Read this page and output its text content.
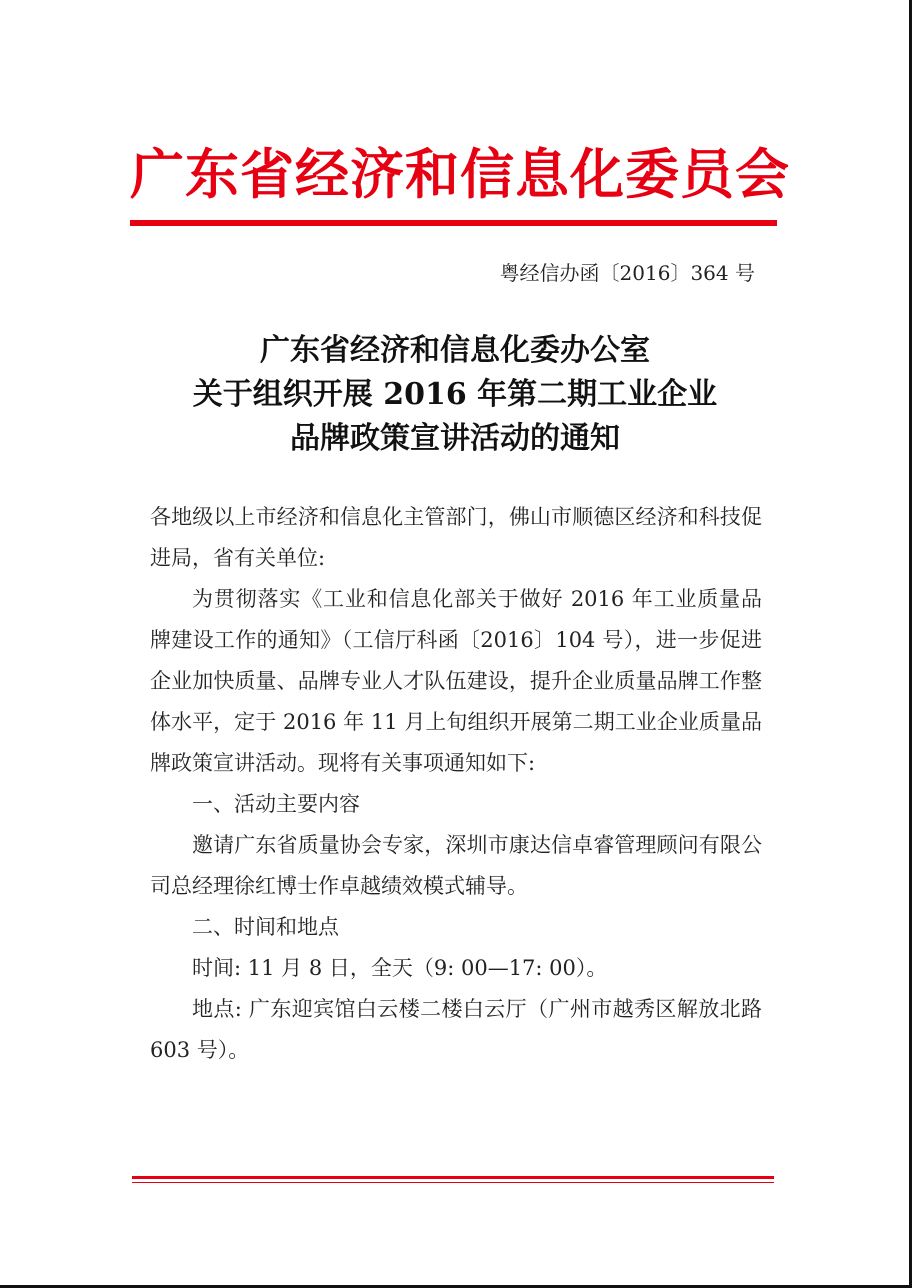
广东省经济和信息化委员会
粤经信办函〔2016〕364 号
广东省经济和信息化委办公室
关于组织开展 2016 年第二期工业企业
品牌政策宣讲活动的通知

各地级以上市经济和信息化主管部门，佛山市顺德区经济和科技促进局，省有关单位:

为贯彻落实《工业和信息化部关于做好 2016 年工业质量品牌建设工作的通知》（工信厅科函〔2016〕104 号），进一步促进企业加快质量、品牌专业人才队伍建设，提升企业质量品牌工作整体水平，定于 2016 年 11 月上旬组织开展第二期工业企业质量品牌政策宣讲活动。现将有关事项通知如下:

一、活动主要内容

邀请广东省质量协会专家，深圳市康达信卓睿管理顾问有限公司总经理徐红博士作卓越绩效模式辅导。

二、时间和地点

时间: 11 月 8 日，全天（9: 00—17: 00）。

地点: 广东迎宾馆白云楼二楼白云厅（广州市越秀区解放北路 603 号）。
